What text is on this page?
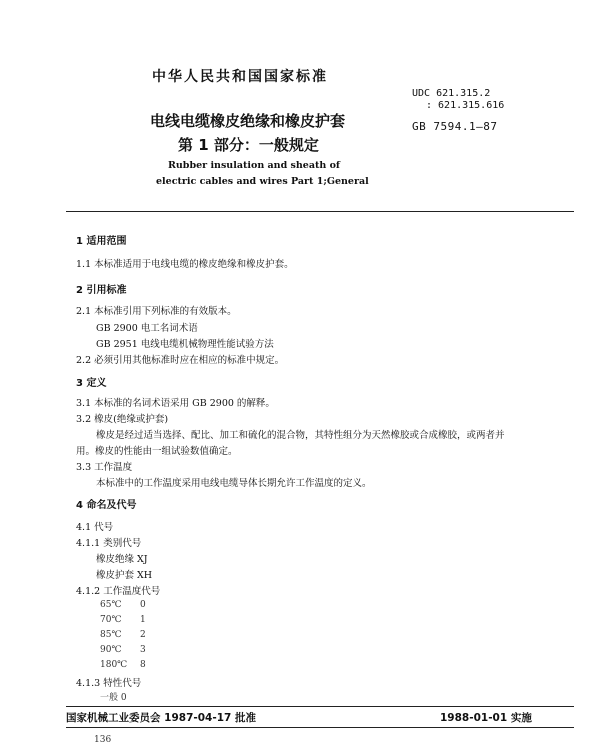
中华人民共和国国家标准
UDC 621.315.2
: 621.315.616
GB 7594.1—87
电线电缆橡皮绝缘和橡皮护套
第 1 部分：一般规定
Rubber insulation and sheath of
electric cables and wires Part 1;General
1 适用范围
1.1 本标准适用于电线电缆的橡皮绝缘和橡皮护套。
2 引用标准
2.1 本标准引用下列标准的有效版本。
GB 2900 电工名词术语
GB 2951 电线电缆机械物理性能试验方法
2.2 必须引用其他标准时应在相应的标准中规定。
3 定义
3.1 本标准的名词术语采用 GB 2900 的解释。
3.2 橡皮(绝缘或护套)
橡皮是经过适当选择、配比、加工和硫化的混合物，其特性组分为天然橡胶或合成橡胶，或两者并
用。橡皮的性能由一组试验数值确定。
3.3 工作温度
本标准中的工作温度采用电线电缆导体长期允许工作温度的定义。
4 命名及代号
4.1 代号
4.1.1 类别代号
橡皮绝缘 XJ
橡皮护套 XH
4.1.2 工作温度代号
65℃ 0
70℃ 1
85℃ 2
90℃ 3
180℃ 8
4.1.3 特性代号
一般 0
国家机械工业委员会 1987-04-17 批准	1988-01-01 实施
136
